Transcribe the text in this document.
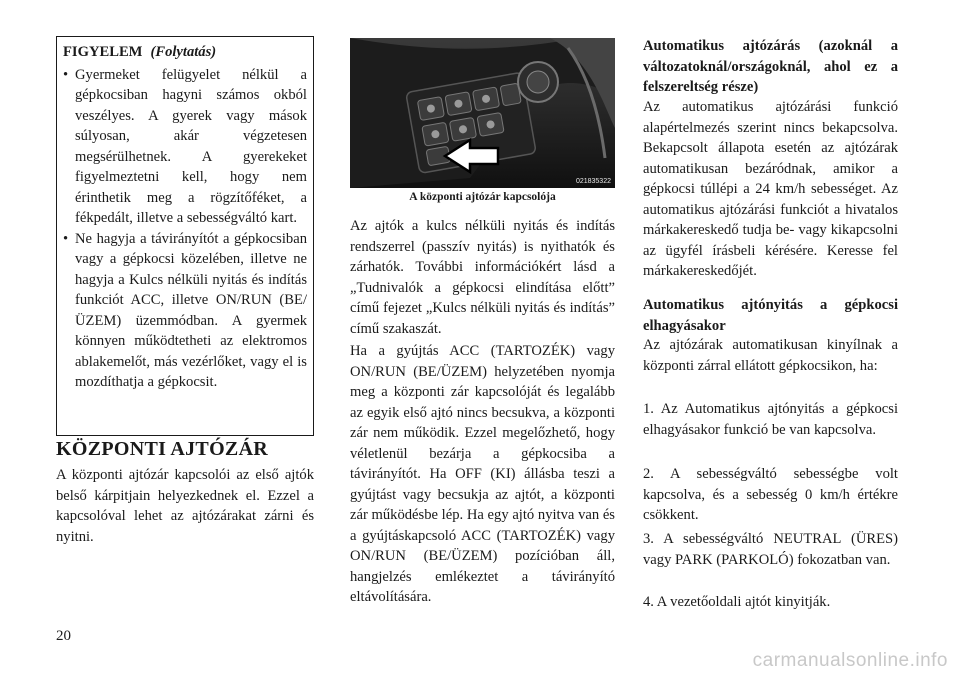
FIGYELEM (Folytatás)
• Gyermeket felügyelet nélkül a gépkocsiban hagyni számos okból veszélyes. A gyerek vagy mások súlyosan, akár végzetesen megsérülhetnek. A gyerekeket figyelmeztetni kell, hogy nem érinthetik meg a rögzítőféket, a fékpedált, illetve a sebességváltó kart.
• Ne hagyja a távirányítót a gépkocsiban vagy a gépkocsi közelében, illetve ne hagyja a Kulcs nélküli nyitás és indítás funkciót ACC, illetve ON/RUN (BE/ÜZEM) üzemmódban. A gyermek könnyen működtetheti az elektromos ablakemelőt, más vezérlőket, vagy el is mozdíthatja a gépkocsit.
KÖZPONTI AJTÓZÁR

A központi ajtózár kapcsolói az első ajtók belső kárpitjain helyezkednek el. Ezzel a kapcsolóval lehet az ajtózárakat zárni és nyitni.

021835322
A központi ajtózár kapcsolója

Az ajtók a kulcs nélküli nyitás és indítás rendszerrel (passzív nyitás) is nyithatók és zárhatók. További információkért lásd a „Tudnivalók a gépkocsi elindítása előtt” című fejezet „Kulcs nélküli nyitás és indítás” című szakaszát.

Ha a gyújtás ACC (TARTOZÉK) vagy ON/RUN (BE/ÜZEM) helyzetében nyomja meg a központi zár kapcsolóját és legalább az egyik első ajtó nincs becsukva, a központi zár nem működik. Ezzel megelőzhető, hogy véletlenül bezárja a gépkocsiba a távirányítót. Ha OFF (KI) állásba teszi a gyújtást vagy becsukja az ajtót, a központi zár működésbe lép. Ha egy ajtó nyitva van és a gyújtáskapcsoló ACC (TARTOZÉK) vagy ON/RUN (BE/ÜZEM) pozícióban áll, hangjelzés emlékeztet a távirányító eltávolítására.

Automatikus ajtózárás (azoknál a változatoknál/országoknál, ahol ez a felszereltség része)

Az automatikus ajtózárási funkció alapértelmezés szerint nincs bekapcsolva. Bekapcsolt állapota esetén az ajtózárak automatikusan bezáródnak, amikor a gépkocsi túllépi a 24 km/h sebességet. Az automatikus ajtózárási funkciót a hivatalos márkakereskedő tudja be- vagy kikapcsolni az ügyfél írásbeli kérésére. Keresse fel márkakereskedőjét.

Automatikus ajtónyitás a gépkocsi elhagyásakor

Az ajtózárak automatikusan kinyílnak a központi zárral ellátott gépkocsikon, ha:

1. Az Automatikus ajtónyitás a gépkocsi elhagyásakor funkció be van kapcsolva.

2. A sebességváltó sebességbe volt kapcsolva, és a sebesség 0 km/h értékre csökkent.

3. A sebességváltó NEUTRAL (ÜRES) vagy PARK (PARKOLÓ) fokozatban van.

4. A vezetőoldali ajtót kinyitják.

20
carmanualsonline.info
